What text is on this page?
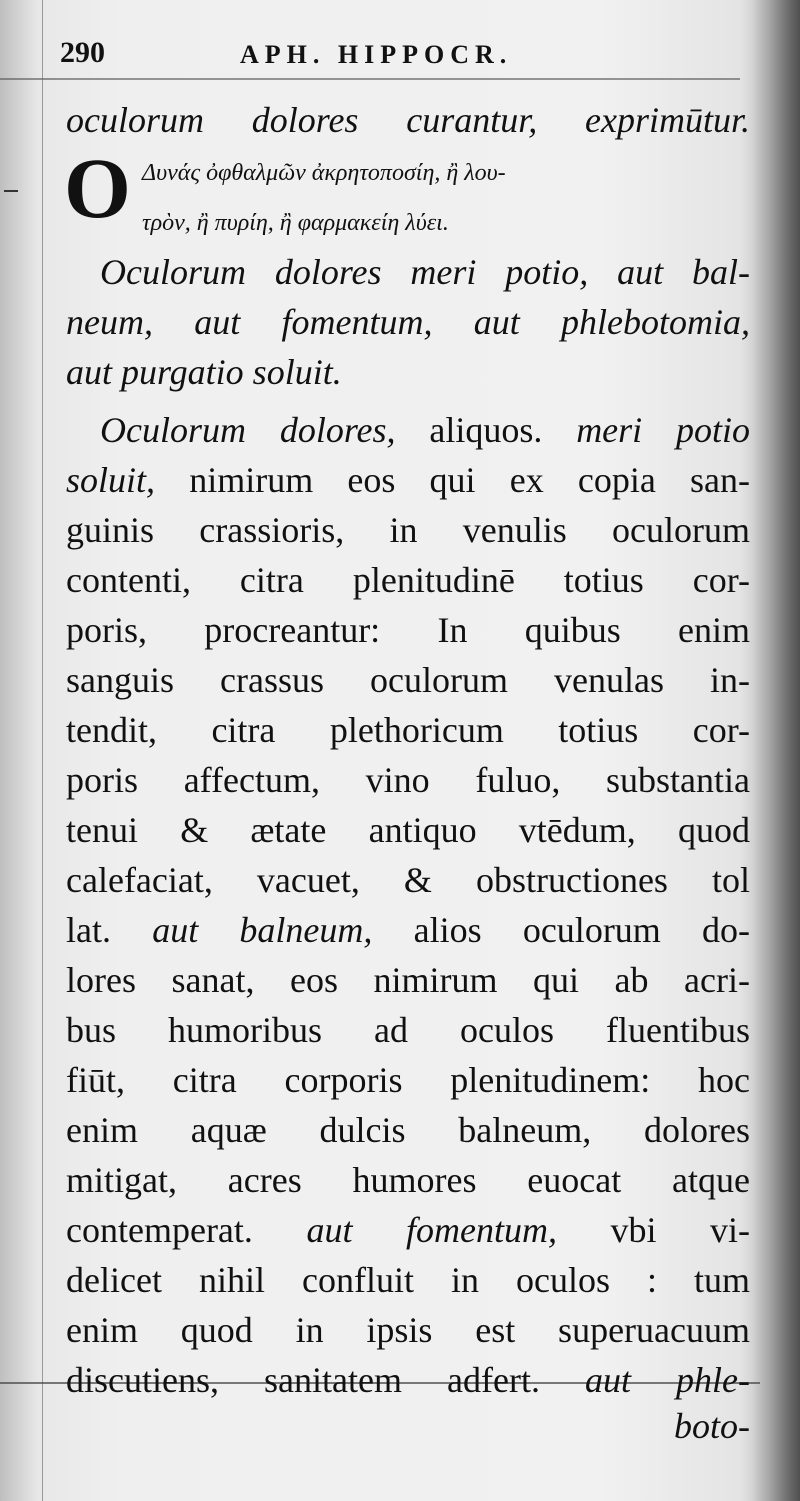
290	APH. HIPPOCR.
oculorum dolores curantur, exprimūtur.
O Δυνάς ὀφθαλμῶν ἀκρητοποσίη, ἢ λου-
τρὸν, ἢ πυρίη, ἢ φαρμακείη λύει.
Oculorum dolores meri potio, aut bal-
neum, aut fomentum, aut phlebotomia,
aut purgatio soluit.
Oculorum dolores, aliquos. meri potio
soluit, nimirum eos qui ex copia san-
guinis crassioris, in venulis oculorum
contenti, citra plenitudinē totius cor-
poris, procreantur: In quibus enim
sanguis crassus oculorum venulas in-
tendit, citra plethoricum totius cor-
poris affectum, vino fuluo, substantia
tenui & ætate antiquo vtēdum, quod
calefaciat, vacuet, & obstructiones tol
lat. aut balneum, alios oculorum do-
lores sanat, eos nimirum qui ab acri-
bus humoribus ad oculos fluentibus
fiūt, citra corporis plenitudinem: hoc
enim aquæ dulcis balneum, dolores
mitigat, acres humores euocat atque
contemperat. aut fomentum, vbi vi-
delicet nihil confluit in oculos : tum
enim quod in ipsis est superuacuum
discutiens, sanitatem adfert. aut phle-
boto-
